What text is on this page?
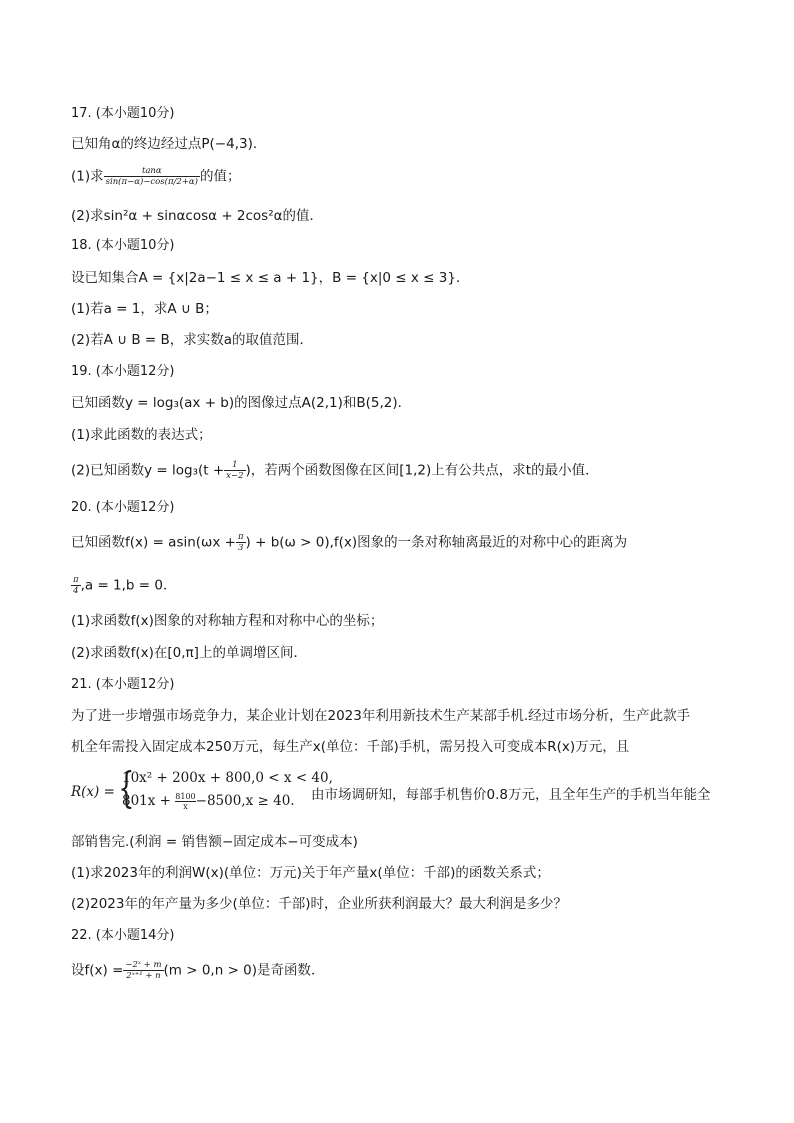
17. (本小题10分)
已知角α的终边经过点P(−4,3)．
(1)求 $\frac{\tan\alpha}{\sin(\pi-\alpha)-\cos(\pi/2+\alpha)}$ 的值；
(2)求sin²α + sinαcosα + 2cos²α的值．
18. (本小题10分)
设已知集合A = {x|2a−1 ≤ x ≤ a + 1}，B = {x|0 ≤ x ≤ 3}．
(1)若a = 1，求A ∪ B；
(2)若A ∪ B = B，求实数a的取值范围．
19. (本小题12分)
已知函数y = log₃(ax + b)的图像过点A(2,1)和B(5,2)．
(1)求此函数的表达式；
(2)已知函数$y = \log_3(t + \frac{1}{x-2}$ )，若两个函数图像在区间[1,2)上有公共点，求t的最小值．
20. (本小题12分)
已知函数$f(x) = asin(\omega x + \frac{\pi}{3}$ ) + b(ω > 0),f(x)图象的一条对称轴离最近的对称中心的距离为
$\frac{\pi}{4} ,a = 1,b = 0$．
(1)求函数f(x)图象的对称轴方程和对称中心的坐标；
(2)求函数f(x)在[0,π]上的单调增区间．
21. (本小题12分)
为了进一步增强市场竞争力，某企业计划在2023年利用新技术生产某部手机.经过市场分析，生产此款手
机全年需投入固定成本250万元，每生产x(单位：千部)手机，需另投入可变成本R(x)万元，且
R(x) = {
10x² + 200x + 800,0 < x < 40,
$801x + \frac{8100}{x} -8500,x \ge 40$. 由市场调研知，每部手机售价0.8万元，且全年生产的手机当年能全
部销售完.(利润 = 销售额−固定成本−可变成本)
(1)求2023年的利润W(x)(单位：万元)关于年产量x(单位：千部)的函数关系式；
(2)2023年的年产量为多少(单位：千部)时，企业所获利润最大？最大利润是多少？
22. (本小题14分)
设$f(x) = \frac{\text{−2ˣ + m}}{\text{2ˣ⁺¹ + n}} (m > 0,n > 0)$是奇函数．
